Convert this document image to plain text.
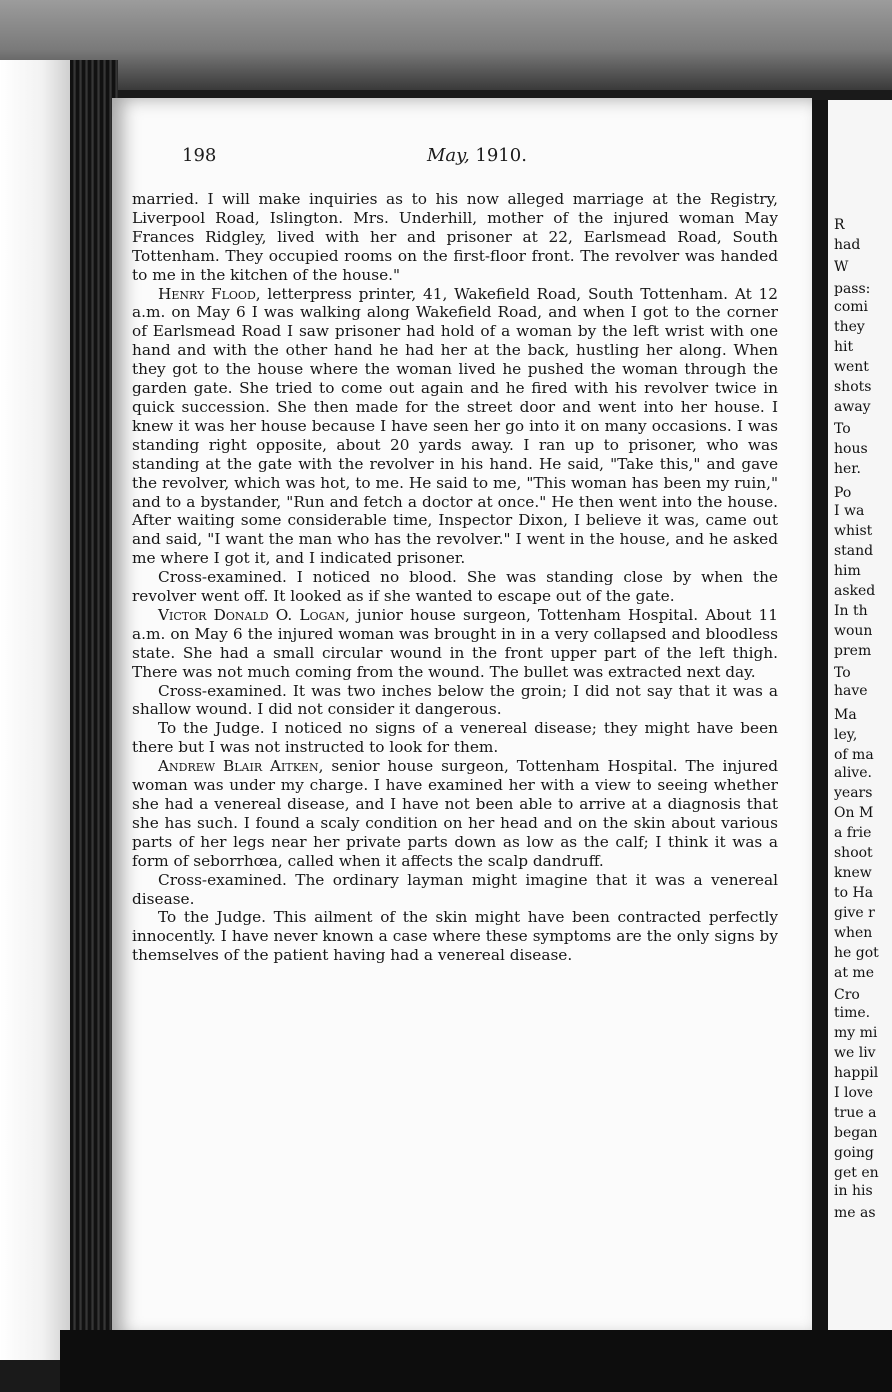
R
had
W
pass:
comi
they
hit
went
shots
away
To
hous
her.
Po
I wa
whist
stand
him
asked
In th
woun
prem
To
have
Ma
ley,
of ma
alive.
years
On M
a frie
shoot
knew
to Ha
give r
when
he got
at me
Cro
time.
my mi
we liv
happil
I love
true a
began
going
get en
in his
me as
198	May, 1910.

married. I will make inquiries as to his now alleged marriage at the Registry, Liverpool Road, Islington. Mrs. Underhill, mother of the injured woman May Frances Ridgley, lived with her and prisoner at 22, Earlsmead Road, South Tottenham. They occupied rooms on the first-floor front. The revolver was handed to me in the kitchen of the house."

Henry Flood, letterpress printer, 41, Wakefield Road, South Tottenham. At 12 a.m. on May 6 I was walking along Wakefield Road, and when I got to the corner of Earlsmead Road I saw prisoner had hold of a woman by the left wrist with one hand and with the other hand he had her at the back, hustling her along. When they got to the house where the woman lived he pushed the woman through the garden gate. She tried to come out again and he fired with his revolver twice in quick succession. She then made for the street door and went into her house. I knew it was her house because I have seen her go into it on many occasions. I was standing right opposite, about 20 yards away. I ran up to prisoner, who was standing at the gate with the revolver in his hand. He said, "Take this," and gave the revolver, which was hot, to me. He said to me, "This woman has been my ruin," and to a bystander, "Run and fetch a doctor at once." He then went into the house. After waiting some considerable time, Inspector Dixon, I believe it was, came out and said, "I want the man who has the revolver." I went in the house, and he asked me where I got it, and I indicated prisoner.

Cross-examined. I noticed no blood. She was standing close by when the revolver went off. It looked as if she wanted to escape out of the gate.

Victor Donald O. Logan, junior house surgeon, Tottenham Hospital. About 11 a.m. on May 6 the injured woman was brought in in a very collapsed and bloodless state. She had a small circular wound in the front upper part of the left thigh. There was not much coming from the wound. The bullet was extracted next day.

Cross-examined. It was two inches below the groin; I did not say that it was a shallow wound. I did not consider it dangerous.

To the Judge. I noticed no signs of a venereal disease; they might have been there but I was not instructed to look for them.

Andrew Blair Aitken, senior house surgeon, Tottenham Hospital. The injured woman was under my charge. I have examined her with a view to seeing whether she had a venereal disease, and I have not been able to arrive at a diagnosis that she has such. I found a scaly condition on her head and on the skin about various parts of her legs near her private parts down as low as the calf; I think it was a form of seborrhœa, called when it affects the scalp dandruff.

Cross-examined. The ordinary layman might imagine that it was a venereal disease.

To the Judge. This ailment of the skin might have been contracted perfectly innocently. I have never known a case where these symptoms are the only signs by themselves of the patient having had a venereal disease.
